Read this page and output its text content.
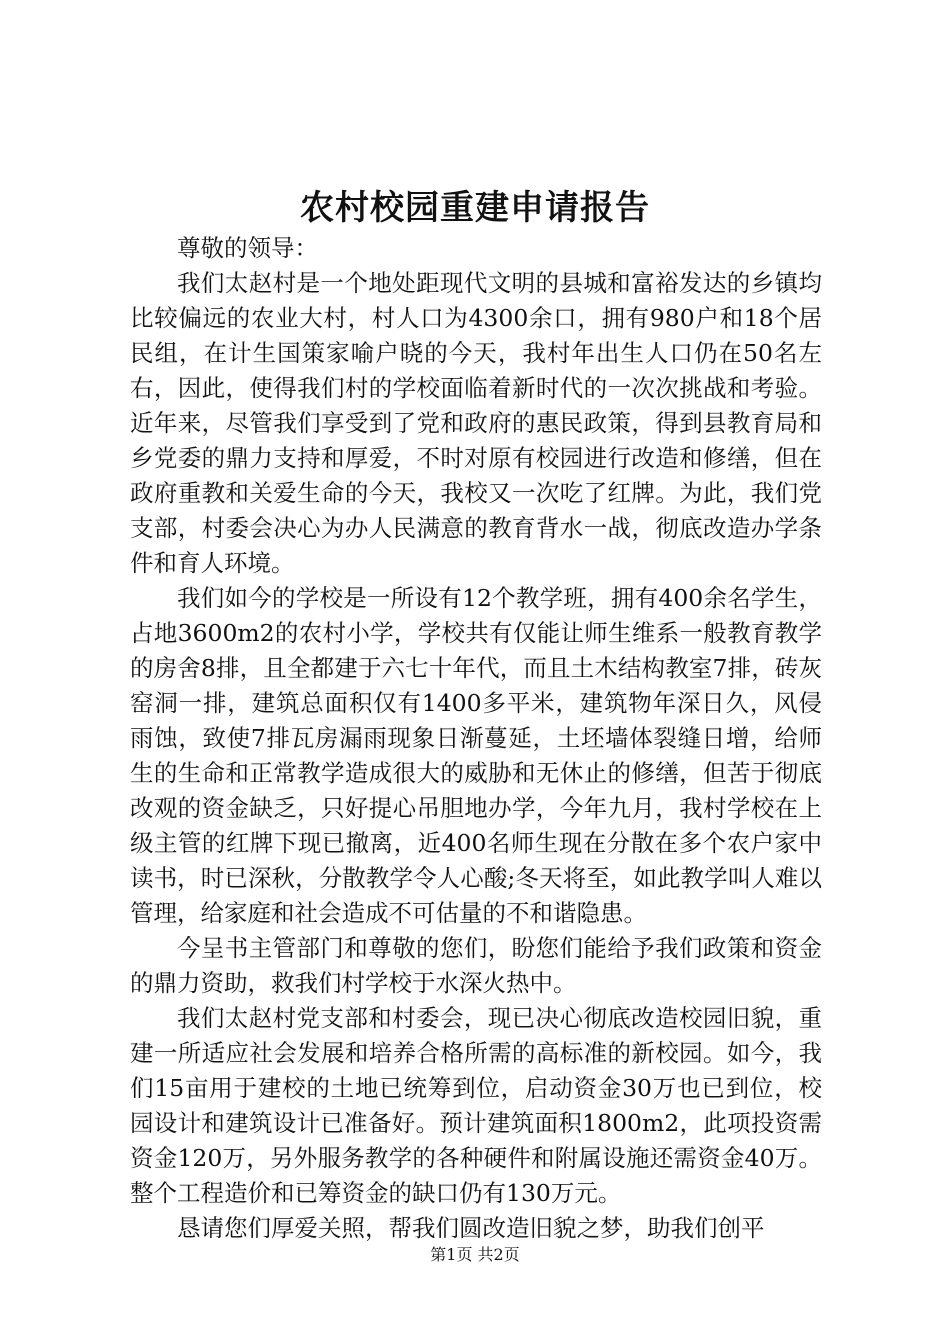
农村校园重建申请报告

尊敬的领导：

我们太赵村是一个地处距现代文明的县城和富裕发达的乡镇均比较偏远的农业大村，村人口为4300余口，拥有980户和18个居民组，在计生国策家喻户晓的今天，我村年出生人口仍在50名左右，因此，使得我们村的学校面临着新时代的一次次挑战和考验。近年来，尽管我们享受到了党和政府的惠民政策，得到县教育局和乡党委的鼎力支持和厚爱，不时对原有校园进行改造和修缮，但在政府重教和关爱生命的今天，我校又一次吃了红牌。为此，我们党支部，村委会决心为办人民满意的教育背水一战，彻底改造办学条件和育人环境。

我们如今的学校是一所设有12个教学班，拥有400余名学生，占地3600m2的农村小学，学校共有仅能让师生维系一般教育教学的房舍8排，且全都建于六七十年代，而且土木结构教室7排，砖灰窑洞一排，建筑总面积仅有1400多平米，建筑物年深日久，风侵雨蚀，致使7排瓦房漏雨现象日渐蔓延，土坯墙体裂缝日增，给师生的生命和正常教学造成很大的威胁和无休止的修缮，但苦于彻底改观的资金缺乏，只好提心吊胆地办学，今年九月，我村学校在上级主管的红牌下现已撤离，近400名师生现在分散在多个农户家中读书，时已深秋，分散教学令人心酸;冬天将至，如此教学叫人难以管理，给家庭和社会造成不可估量的不和谐隐患。

今呈书主管部门和尊敬的您们，盼您们能给予我们政策和资金的鼎力资助，救我们村学校于水深火热中。

我们太赵村党支部和村委会，现已决心彻底改造校园旧貌，重建一所适应社会发展和培养合格所需的高标准的新校园。如今，我们15亩用于建校的土地已统筹到位，启动资金30万也已到位，校园设计和建筑设计已准备好。预计建筑面积1800m2，此项投资需资金120万，另外服务教学的各种硬件和附属设施还需资金40万。整个工程造价和已筹资金的缺口仍有130万元。

恳请您们厚爱关照，帮我们圆改造旧貌之梦，助我们创平

第1页 共2页
